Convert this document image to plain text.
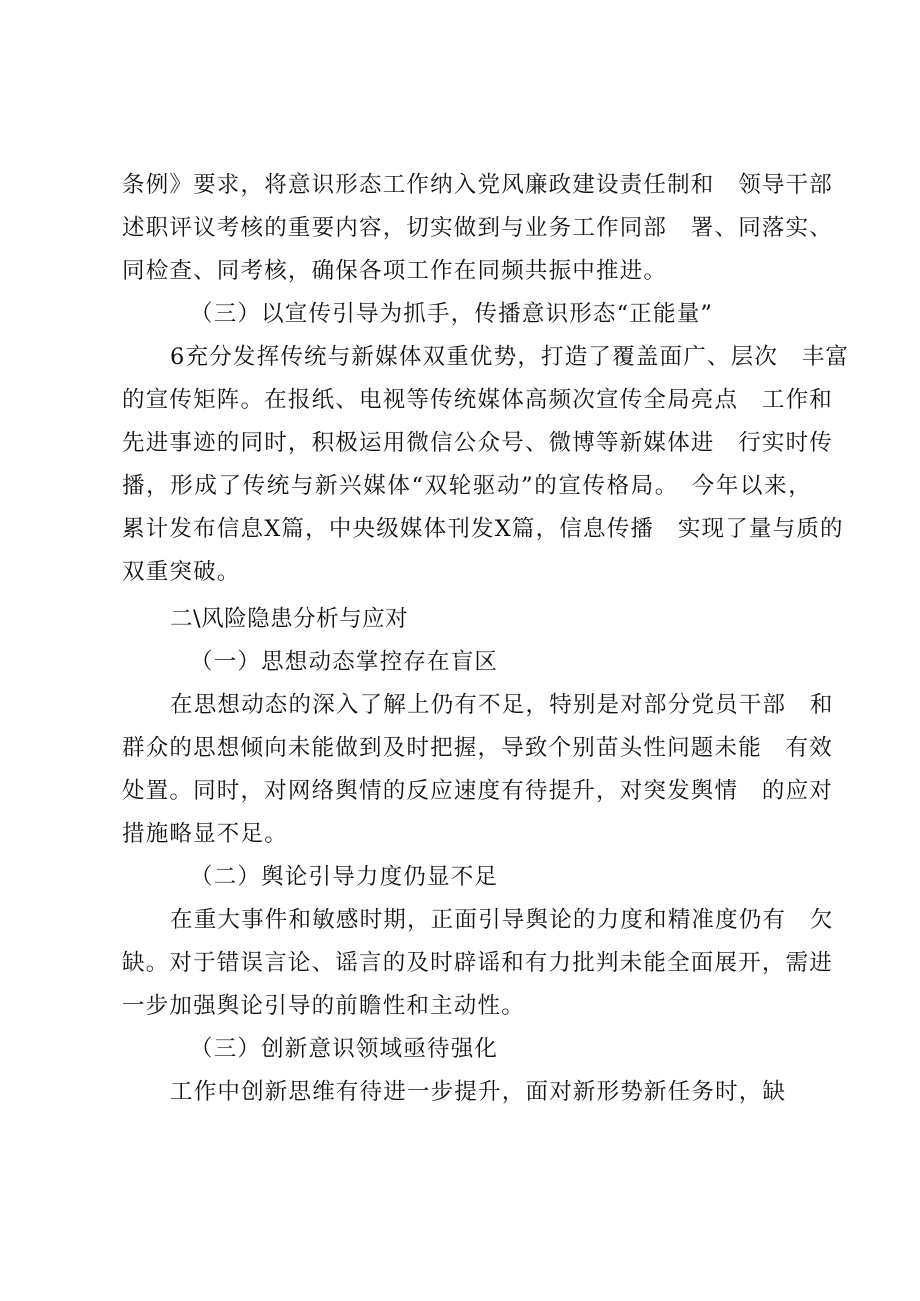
条例》要求，将意识形态工作纳入党风廉政建设责任制和　领导干部
述职评议考核的重要内容，切实做到与业务工作同部　署、同落实、
同检查、同考核，确保各项工作在同频共振中推进。
（三）以宣传引导为抓手，传播意识形态“正能量”
6充分发挥传统与新媒体双重优势，打造了覆盖面广、层次　丰富
的宣传矩阵。在报纸、电视等传统媒体高频次宣传全局亮点　工作和
先进事迹的同时，积极运用微信公众号、微博等新媒体进　行实时传
播，形成了传统与新兴媒体“双轮驱动”的宣传格局。　今年以来，
累计发布信息X篇，中央级媒体刊发X篇，信息传播　实现了量与质的
双重突破。
二\风险隐患分析与应对
（一）思想动态掌控存在盲区
在思想动态的深入了解上仍有不足，特别是对部分党员干部　和
群众的思想倾向未能做到及时把握，导致个别苗头性问题未能　有效
处置。同时，对网络舆情的反应速度有待提升，对突发舆情　的应对
措施略显不足。
（二）舆论引导力度仍显不足
在重大事件和敏感时期，正面引导舆论的力度和精准度仍有　欠
缺。对于错误言论、谣言的及时辟谣和有力批判未能全面展开，需进
一步加强舆论引导的前瞻性和主动性。
（三）创新意识领域亟待强化
工作中创新思维有待进一步提升，面对新形势新任务时，缺
